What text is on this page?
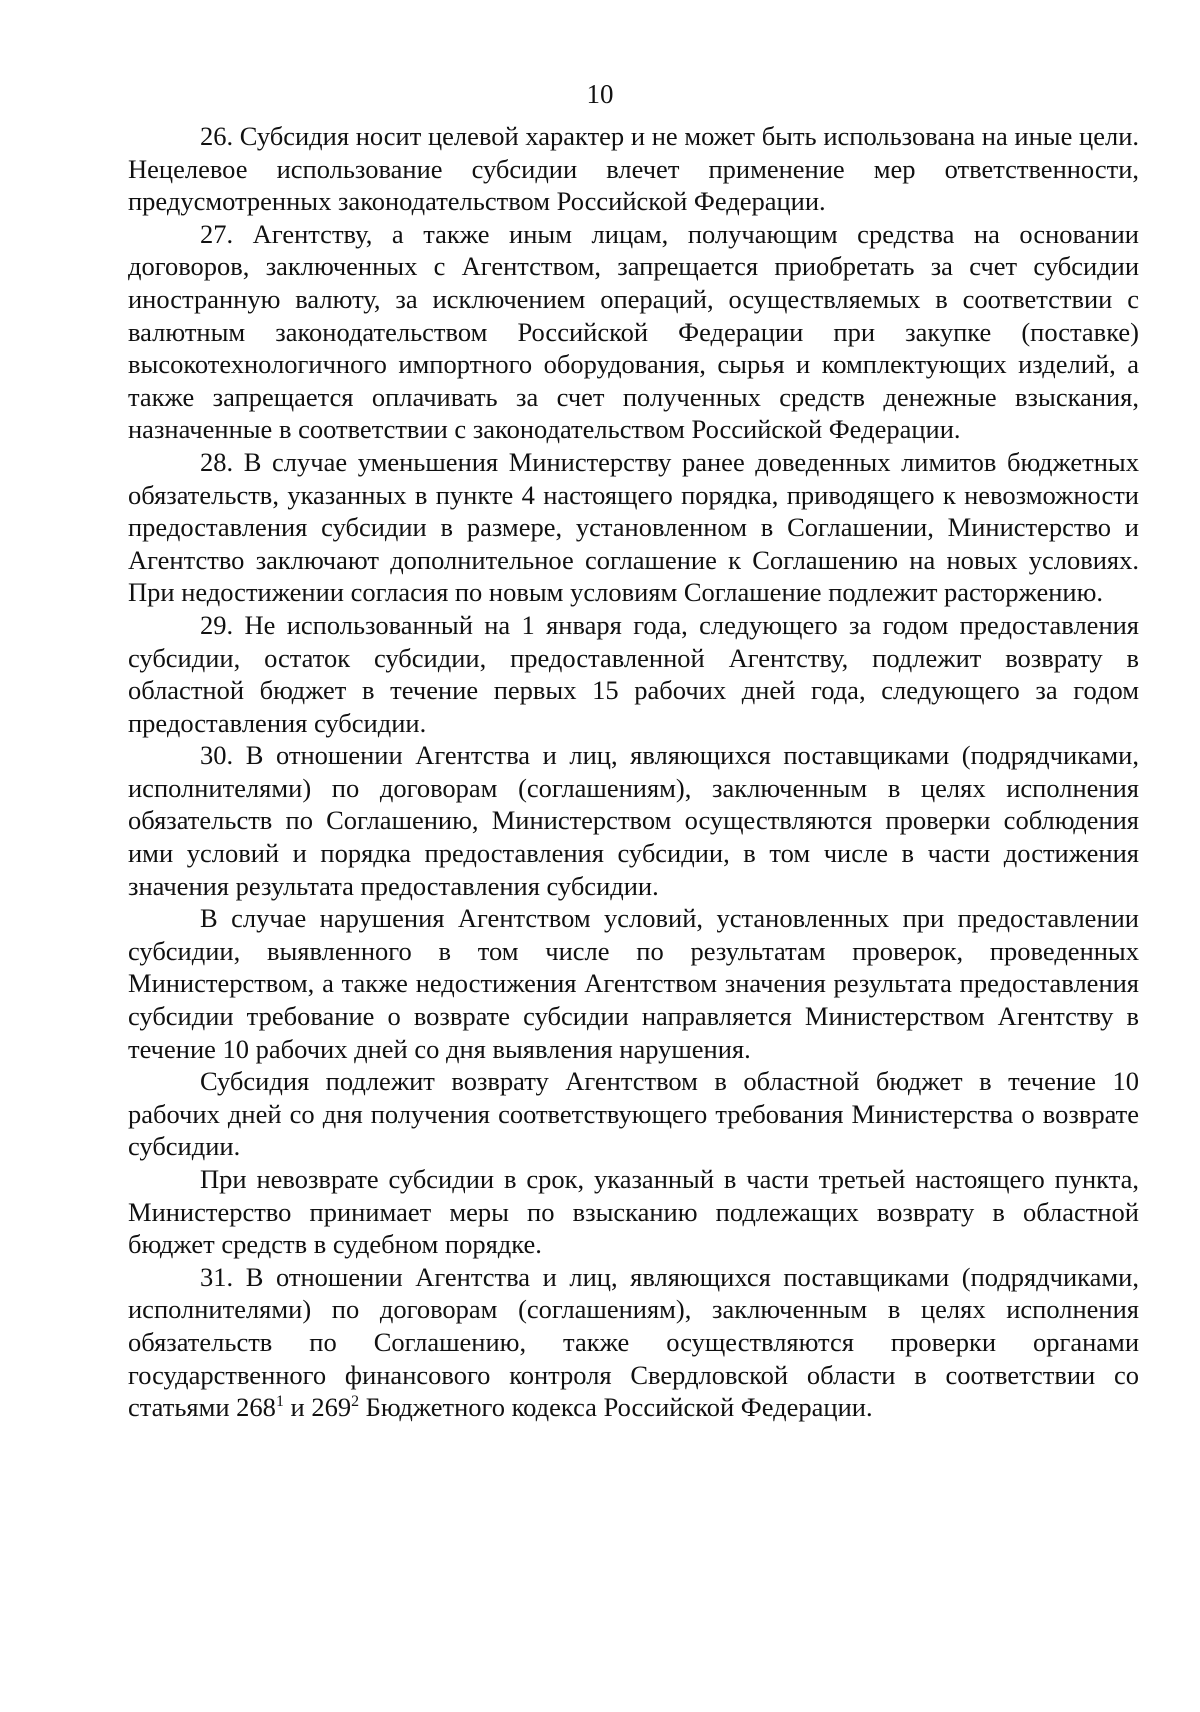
10

26. Субсидия носит целевой характер и не может быть использована на иные цели. Нецелевое использование субсидии влечет применение мер ответственности, предусмотренных законодательством Российской Федерации.

27. Агентству, а также иным лицам, получающим средства на основании договоров, заключенных с Агентством, запрещается приобретать за счет субсидии иностранную валюту, за исключением операций, осуществляемых в соответствии с валютным законодательством Российской Федерации при закупке (поставке) высокотехнологичного импортного оборудования, сырья и комплектующих изделий, а также запрещается оплачивать за счет полученных средств денежные взыскания, назначенные в соответствии с законодательством Российской Федерации.

28. В случае уменьшения Министерству ранее доведенных лимитов бюджетных обязательств, указанных в пункте 4 настоящего порядка, приводящего к невозможности предоставления субсидии в размере, установленном в Соглашении, Министерство и Агентство заключают дополнительное соглашение к Соглашению на новых условиях. При недостижении согласия по новым условиям Соглашение подлежит расторжению.

29. Не использованный на 1 января года, следующего за годом предоставления субсидии, остаток субсидии, предоставленной Агентству, подлежит возврату в областной бюджет в течение первых 15 рабочих дней года, следующего за годом предоставления субсидии.

30. В отношении Агентства и лиц, являющихся поставщиками (подрядчиками, исполнителями) по договорам (соглашениям), заключенным в целях исполнения обязательств по Соглашению, Министерством осуществляются проверки соблюдения ими условий и порядка предоставления субсидии, в том числе в части достижения значения результата предоставления субсидии.

В случае нарушения Агентством условий, установленных при предоставлении субсидии, выявленного в том числе по результатам проверок, проведенных Министерством, а также недостижения Агентством значения результата предоставления субсидии требование о возврате субсидии направляется Министерством Агентству в течение 10 рабочих дней со дня выявления нарушения.

Субсидия подлежит возврату Агентством в областной бюджет в течение 10 рабочих дней со дня получения соответствующего требования Министерства о возврате субсидии.

При невозврате субсидии в срок, указанный в части третьей настоящего пункта, Министерство принимает меры по взысканию подлежащих возврату в областной бюджет средств в судебном порядке.

31. В отношении Агентства и лиц, являющихся поставщиками (подрядчиками, исполнителями) по договорам (соглашениям), заключенным в целях исполнения обязательств по Соглашению, также осуществляются проверки органами государственного финансового контроля Свердловской области в соответствии со статьями $268^1$ и $269^2$ Бюджетного кодекса Российской Федерации.
